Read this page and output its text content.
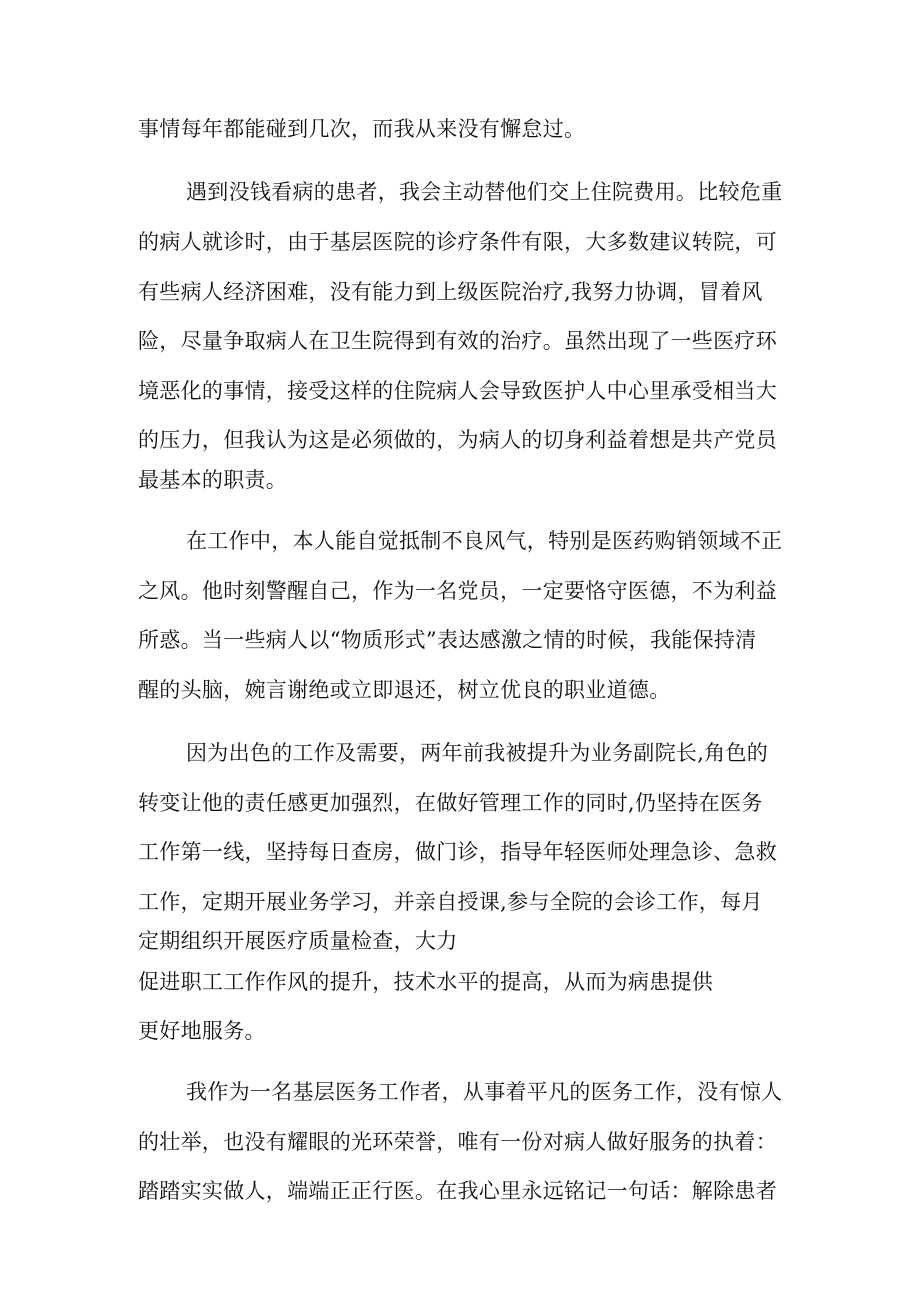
事情每年都能碰到几次，而我从来没有懈怠过。
遇到没钱看病的患者，我会主动替他们交上住院费用。比较危重
的病人就诊时，由于基层医院的诊疗条件有限，大多数建议转院，可
有些病人经济困难，没有能力到上级医院治疗,我努力协调，冒着风
险，尽量争取病人在卫生院得到有效的治疗。虽然出现了一些医疗环
境恶化的事情，接受这样的住院病人会导致医护人中心里承受相当大
的压力，但我认为这是必须做的，为病人的切身利益着想是共产党员
最基本的职责。
在工作中，本人能自觉抵制不良风气，特别是医药购销领域不正
之风。他时刻警醒自己，作为一名党员，一定要恪守医德，不为利益
所惑。当一些病人以“物质形式”表达感激之情的时候，我能保持清
醒的头脑，婉言谢绝或立即退还，树立优良的职业道德。
因为出色的工作及需要，两年前我被提升为业务副院长,角色的
转变让他的责任感更加强烈，在做好管理工作的同时,仍坚持在医务
工作第一线，坚持每日查房，做门诊，指导年轻医师处理急诊、急救
工作，定期开展业务学习，并亲自授课,参与全院的会诊工作，每月
定期组织开展医疗质量检查，大力
促进职工工作作风的提升，技术水平的提高，从而为病患提供
更好地服务。
我作为一名基层医务工作者，从事着平凡的医务工作，没有惊人
的壮举，也没有耀眼的光环荣誉，唯有一份对病人做好服务的执着：
踏踏实实做人，端端正正行医。在我心里永远铭记一句话：解除患者
